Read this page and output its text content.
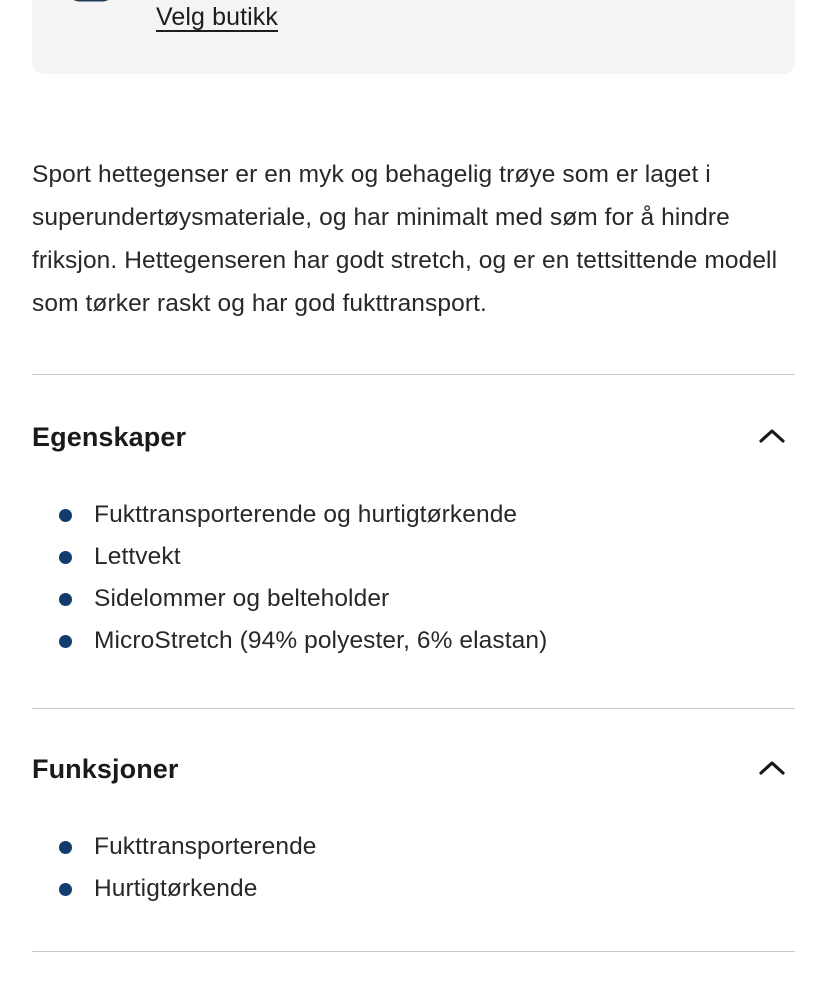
Velg butikk

Sport hettegenser er en myk og behagelig trøye som er laget i superundertøysmateriale, og har minimalt med søm for å hindre friksjon. Hettegenseren har godt stretch, og er en tettsittende modell som tørker raskt og har god fukttransport.

Egenskaper
Fukttransporterende og hurtigtørkende
Lettvekt
Sidelommer og belteholder
MicroStretch (94% polyester, 6% elastan)
Funksjoner
Fukttransporterende
Hurtigtørkende
